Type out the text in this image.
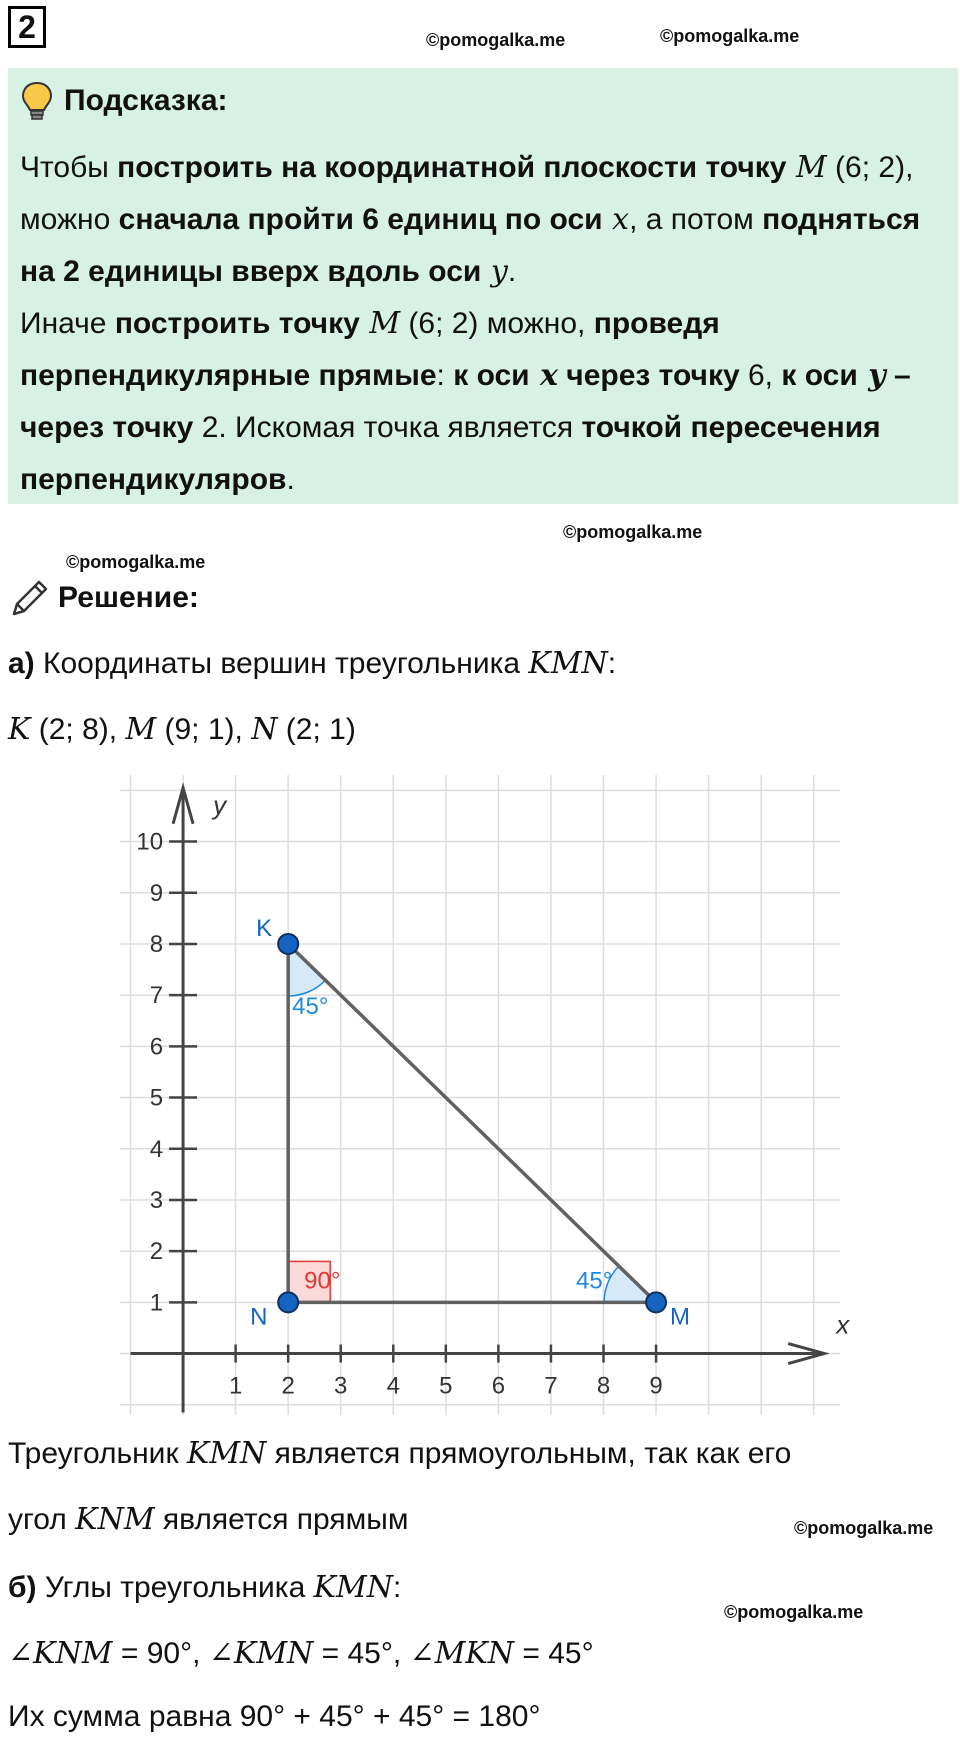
2	©pomogalka.me	©pomogalka.me
Подсказка:
Чтобы построить на координатной плоскости точку M (6; 2), можно сначала пройти 6 единиц по оси x, а потом подняться на 2 единицы вверх вдоль оси y.
Иначе построить точку M (6; 2) можно, проведя перпендикулярные прямые: к оси x через точку 6, к оси y – через точку 2. Искомая точка является точкой пересечения перпендикуляров.
©pomogalka.me
©pomogalka.me
Решение:
а) Координаты вершин треугольника KMN:
K (2; 8), M (9; 1), N (2; 1)
1 2 3 4 5 6 7 8 9
1
2
3
4
5
6
7
8
9
10
x
y
45°
45°
90°
K
M
N
Треугольник KMN является прямоугольным, так как его
угол KNM является прямым	©pomogalka.me
б) Углы треугольника KMN:
©pomogalka.me
∠KNM = 90°, ∠KMN = 45°, ∠MKN = 45°
Их сумма равна 90° + 45° + 45° = 180°
